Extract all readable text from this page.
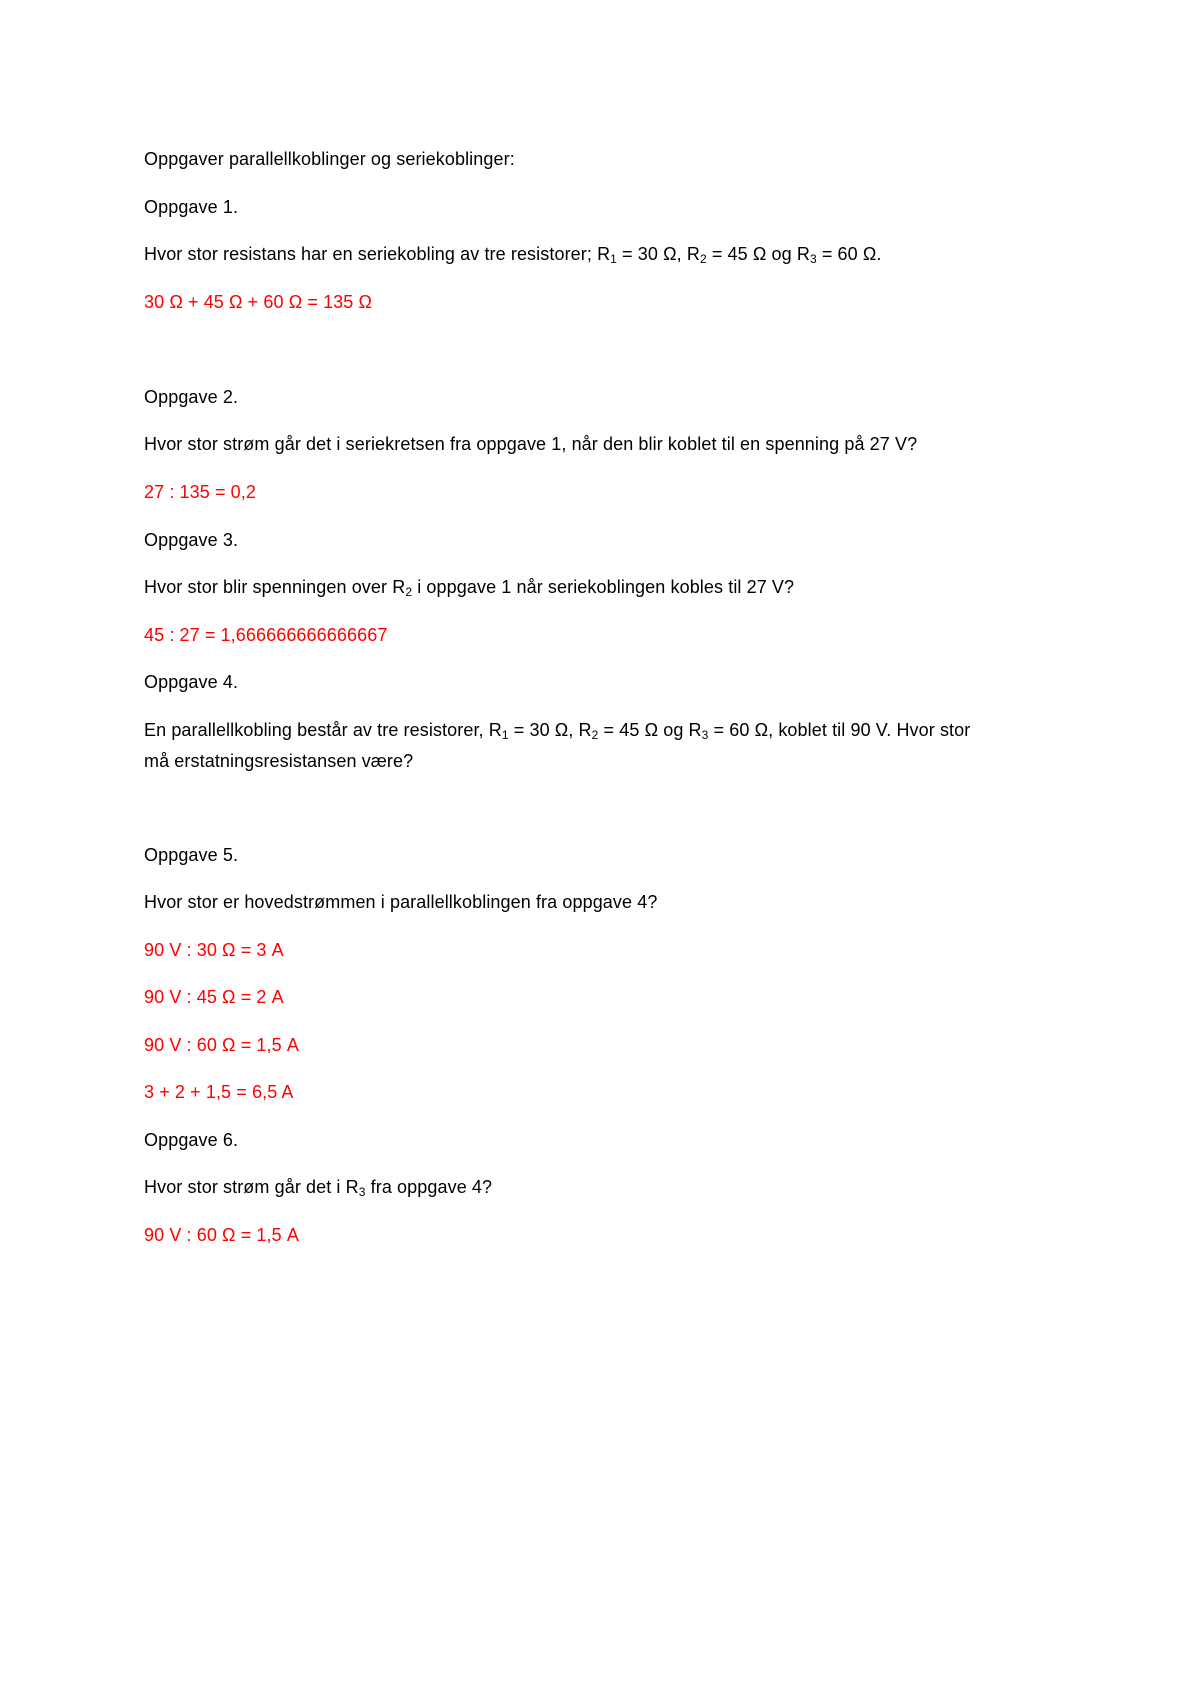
Oppgaver parallellkoblinger og seriekoblinger:
Oppgave 1.
Hvor stor resistans har en seriekobling av tre resistorer; $R_1 = 30$ Ω, $R_2 = 45$ Ω og $R_3 = 60$ Ω.
30 Ω + 45 Ω + 60 Ω = 135 Ω
Oppgave 2.
Hvor stor strøm går det i seriekretsen fra oppgave 1, når den blir koblet til en spenning på 27 V?
27 : 135 = 0,2
Oppgave 3.
Hvor stor blir spenningen over $R_2$ i oppgave 1 når seriekoblingen kobles til 27 V?
45 : 27 = 1,666666666666667
Oppgave 4.
En parallellkobling består av tre resistorer, $R_1 = 30$ Ω, $R_2 = 45$ Ω og $R_3 = 60$ Ω, koblet til 90 V. Hvor stor
må erstatningsresistansen være?
Oppgave 5.
Hvor stor er hovedstrømmen i parallellkoblingen fra oppgave 4?
90 V : 30 Ω = 3 A
90 V : 45 Ω = 2 A
90 V : 60 Ω = 1,5 A
3 + 2 + 1,5 = 6,5 A
Oppgave 6.
Hvor stor strøm går det i $R_3$ fra oppgave 4?
90 V : 60 Ω = 1,5 A
